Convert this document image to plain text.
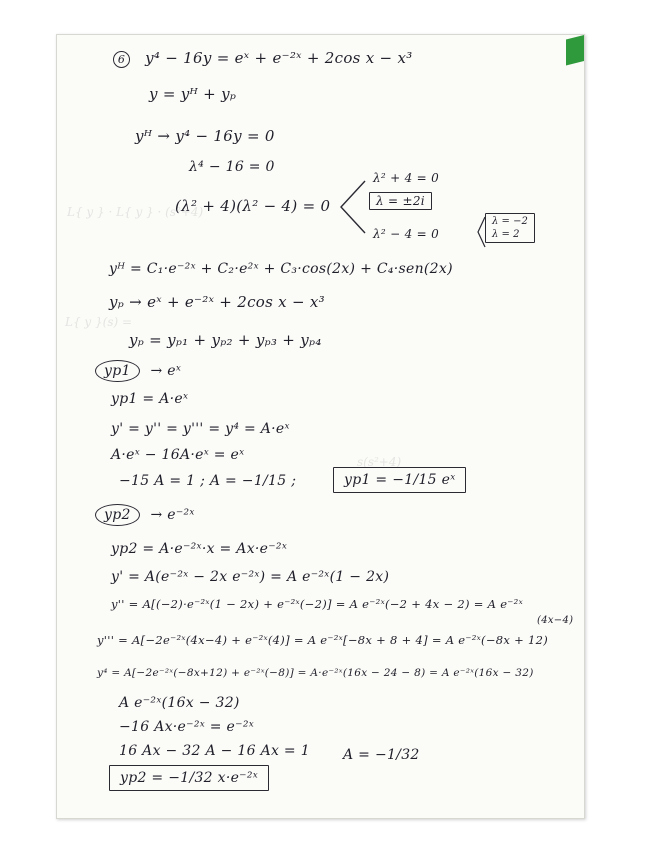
L{ y } · L{ y } · (s²+4)
L{ y }(s) =
s(s²+4)
6 y⁴ − 16y = eˣ + e⁻²ˣ + 2cos x − x³
y = yᴴ + yₚ
yᴴ → y⁴ − 16y = 0
λ⁴ − 16 = 0
(λ² + 4)(λ² − 4) = 0
λ² + 4 = 0
λ = ±2i
λ² − 4 = 0
λ = −2
λ = 2
yᴴ = C₁·e⁻²ˣ + C₂·e²ˣ + C₃·cos(2x) + C₄·sen(2x)
yₚ → eˣ + e⁻²ˣ + 2cos x − x³
yₚ = yₚ₁ + yₚ₂ + yₚ₃ + yₚ₄
yp1 → eˣ
yp1 = A·eˣ
y' = y'' = y''' = y⁴ = A·eˣ
A·eˣ − 16A·eˣ = eˣ
−15 A = 1 ; A = −1/15 ;	yp1 = −1/15 eˣ
yp2 → e⁻²ˣ
yp2 = A·e⁻²ˣ·x = Ax·e⁻²ˣ
y' = A(e⁻²ˣ − 2x e⁻²ˣ) = A e⁻²ˣ(1 − 2x)
y'' = A[(−2)·e⁻²ˣ(1 − 2x) + e⁻²ˣ(−2)] = A e⁻²ˣ(−2 + 4x − 2) = A e⁻²ˣ
(4x−4)
y''' = A[−2e⁻²ˣ(4x−4) + e⁻²ˣ(4)] = A e⁻²ˣ[−8x + 8 + 4] = A e⁻²ˣ(−8x + 12)
y⁴ = A[−2e⁻²ˣ(−8x+12) + e⁻²ˣ(−8)] = A·e⁻²ˣ(16x − 24 − 8) = A e⁻²ˣ(16x − 32)
A e⁻²ˣ(16x − 32)
−16 Ax·e⁻²ˣ = e⁻²ˣ
16 Ax − 32 A − 16 Ax = 1 A = −1/32
yp2 = −1/32 x·e⁻²ˣ
